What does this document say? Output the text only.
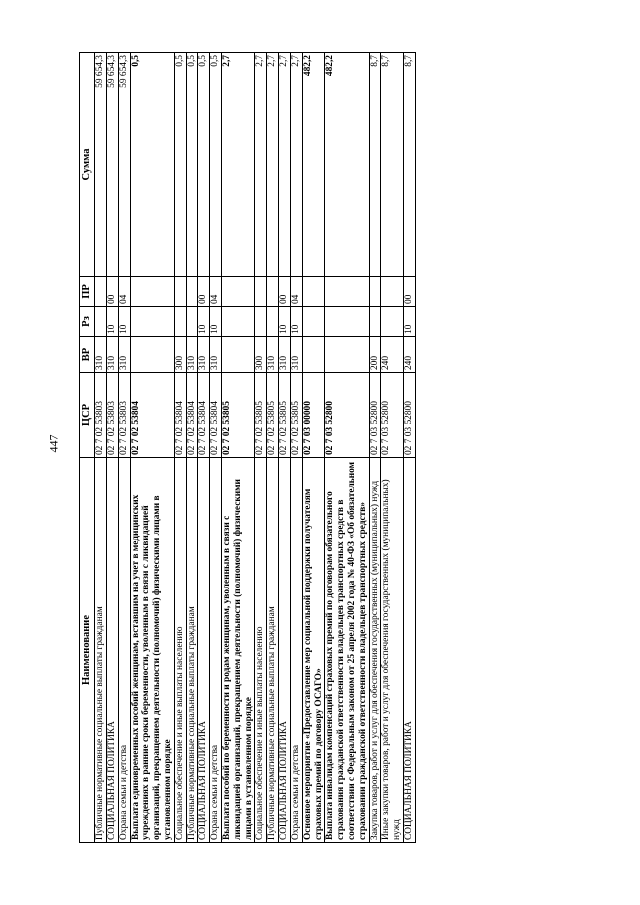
447
Наименование	ЦСР	ВР	Рз	ПР	Сумма
Публичные нормативные социальные выплаты гражданам	02 7 02 53803	310			59 654,3
СОЦИАЛЬНАЯ ПОЛИТИКА	02 7 02 53803	310	10	00	59 654,3
Охрана семьи и детства	02 7 02 53803	310	10	04	59 654,3
Выплата единовременных пособий женщинам, вставшим на учет в медицинских учреждениях в ранние сроки беременности, уволенным в связи с ликвидацией организаций, прекращением деятельности (полномочий) физическими лицами в установленном порядке	02 7 02 53804				0,5
Социальное обеспечение и иные выплаты населению	02 7 02 53804	300			0,5
Публичные нормативные социальные выплаты гражданам	02 7 02 53804	310			0,5
СОЦИАЛЬНАЯ ПОЛИТИКА	02 7 02 53804	310	10	00	0,5
Охрана семьи и детства	02 7 02 53804	310	10	04	0,5
Выплата пособий по беременности и родам женщинам, уволенным в связи с ликвидацией организаций, прекращением деятельности (полномочий) физическими лицами в установленном порядке	02 7 02 53805				2,7
Социальное обеспечение и иные выплаты населению	02 7 02 53805	300			2,7
Публичные нормативные социальные выплаты гражданам	02 7 02 53805	310			2,7
СОЦИАЛЬНАЯ ПОЛИТИКА	02 7 02 53805	310	10	00	2,7
Охрана семьи и детства	02 7 02 53805	310	10	04	2,7
Основное мероприятие «Предоставление мер социальной поддержки получателям страховых премий по договору ОСАГО»	02 7 03 00000				482,2
Выплата инвалидам компенсаций страховых премий по договорам обязательного страхования гражданской ответственности владельцев транспортных средств в соответствии с Федеральным законом от 25 апреля 2002 года № 40-ФЗ «Об обязательном страховании гражданской ответственности владельцев транспортных средств»	02 7 03 52800				482,2
Закупка товаров, работ и услуг для обеспечения государственных (муниципальных) нужд	02 7 03 52800	200			8,7
Иные закупки товаров, работ и услуг для обеспечения государственных (муниципальных) нужд	02 7 03 52800	240			8,7
СОЦИАЛЬНАЯ ПОЛИТИКА	02 7 03 52800	240	10	00	8,7
